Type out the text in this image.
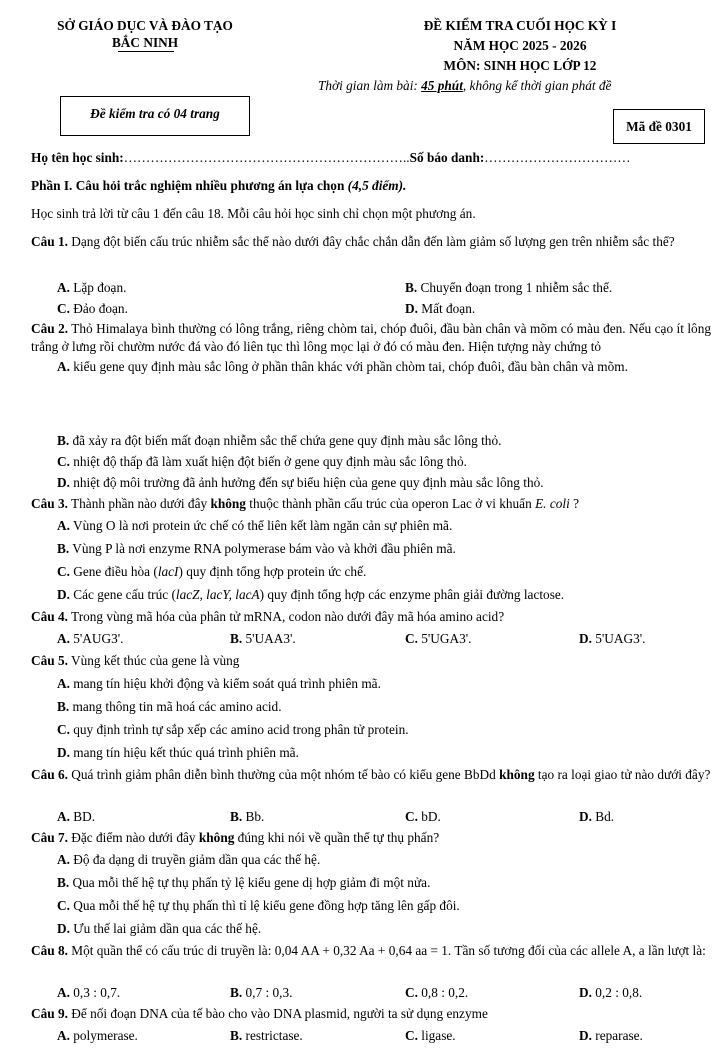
SỞ GIÁO DỤC VÀ ĐÀO TẠO
BẮC NINH
ĐỀ KIỂM TRA CUỐI HỌC KỲ I
NĂM HỌC 2025 - 2026
MÔN: SINH HỌC LỚP 12
Thời gian làm bài: 45 phút, không kể thời gian phát đề
Đề kiểm tra có 04 trang
Mã đề 0301
Họ tên học sinh:………………………………………………………..Số báo danh:……………………………
Phần I. Câu hỏi trắc nghiệm nhiều phương án lựa chọn (4,5 điểm).
Học sinh trả lời từ câu 1 đến câu 18. Mỗi câu hỏi học sinh chỉ chọn một phương án.
Câu 1. Dạng đột biến cấu trúc nhiễm sắc thể nào dưới đây chắc chắn dẫn đến làm giảm số lượng gen trên nhiễm sắc thể?
A. Lặp đoạn.	B. Chuyển đoạn trong 1 nhiễm sắc thể.
C. Đảo đoạn.	D. Mất đoạn.
Câu 2. Thỏ Himalaya bình thường có lông trắng, riêng chòm tai, chóp đuôi, đầu bàn chân và mõm có màu đen. Nếu cạo ít lông trắng ở lưng rồi chườm nước đá vào đó liên tục thì lông mọc lại ở đó có màu đen. Hiện tượng này chứng tỏ
A. kiểu gene quy định màu sắc lông ở phần thân khác với phần chòm tai, chóp đuôi, đầu bàn chân và mõm.
B. đã xảy ra đột biến mất đoạn nhiễm sắc thể chứa gene quy định màu sắc lông thỏ.
C. nhiệt độ thấp đã làm xuất hiện đột biến ở gene quy định màu sắc lông thỏ.
D. nhiệt độ môi trường đã ảnh hưởng đến sự biểu hiện của gene quy định màu sắc lông thỏ.
Câu 3. Thành phần nào dưới đây không thuộc thành phần cấu trúc của operon Lac ở vi khuẩn E. coli ?
A. Vùng O là nơi protein ức chế có thể liên kết làm ngăn cản sự phiên mã.
B. Vùng P là nơi enzyme RNA polymerase bám vào và khởi đầu phiên mã.
C. Gene điều hòa (lacI) quy định tổng hợp protein ức chế.
D. Các gene cấu trúc (lacZ, lacY, lacA) quy định tổng hợp các enzyme phân giải đường lactose.
Câu 4. Trong vùng mã hóa của phân tử mRNA, codon nào dưới đây mã hóa amino acid?
A. 5'AUG3'.	B. 5'UAA3'.	C. 5'UGA3'.	D. 5'UAG3'.
Câu 5. Vùng kết thúc của gene là vùng
A. mang tín hiệu khởi động và kiểm soát quá trình phiên mã.
B. mang thông tin mã hoá các amino acid.
C. quy định trình tự sắp xếp các amino acid trong phân tử protein.
D. mang tín hiệu kết thúc quá trình phiên mã.
Câu 6. Quá trình giảm phân diễn bình thường của một nhóm tế bào có kiểu gene BbDd không tạo ra loại giao tử nào dưới đây?
A. BD.	B. Bb.	C. bD.	D. Bd.
Câu 7. Đặc điểm nào dưới đây không đúng khi nói về quần thể tự thụ phấn?
A. Độ đa dạng di truyền giảm dần qua các thế hệ.
B. Qua mỗi thế hệ tự thụ phấn tỷ lệ kiểu gene dị hợp giảm đi một nửa.
C. Qua mỗi thế hệ tự thụ phấn thì tỉ lệ kiểu gene đồng hợp tăng lên gấp đôi.
D. Ưu thế lai giảm dần qua các thế hệ.
Câu 8. Một quần thể có cấu trúc di truyền là: 0,04 AA + 0,32 Aa + 0,64 aa = 1. Tần số tương đối của các allele A, a lần lượt là:
A. 0,3 : 0,7.	B. 0,7 : 0,3.	C. 0,8 : 0,2.	D. 0,2 : 0,8.
Câu 9. Để nối đoạn DNA của tế bào cho vào DNA plasmid, người ta sử dụng enzyme
A. polymerase.	B. restrictase.	C. ligase.	D. reparase.
